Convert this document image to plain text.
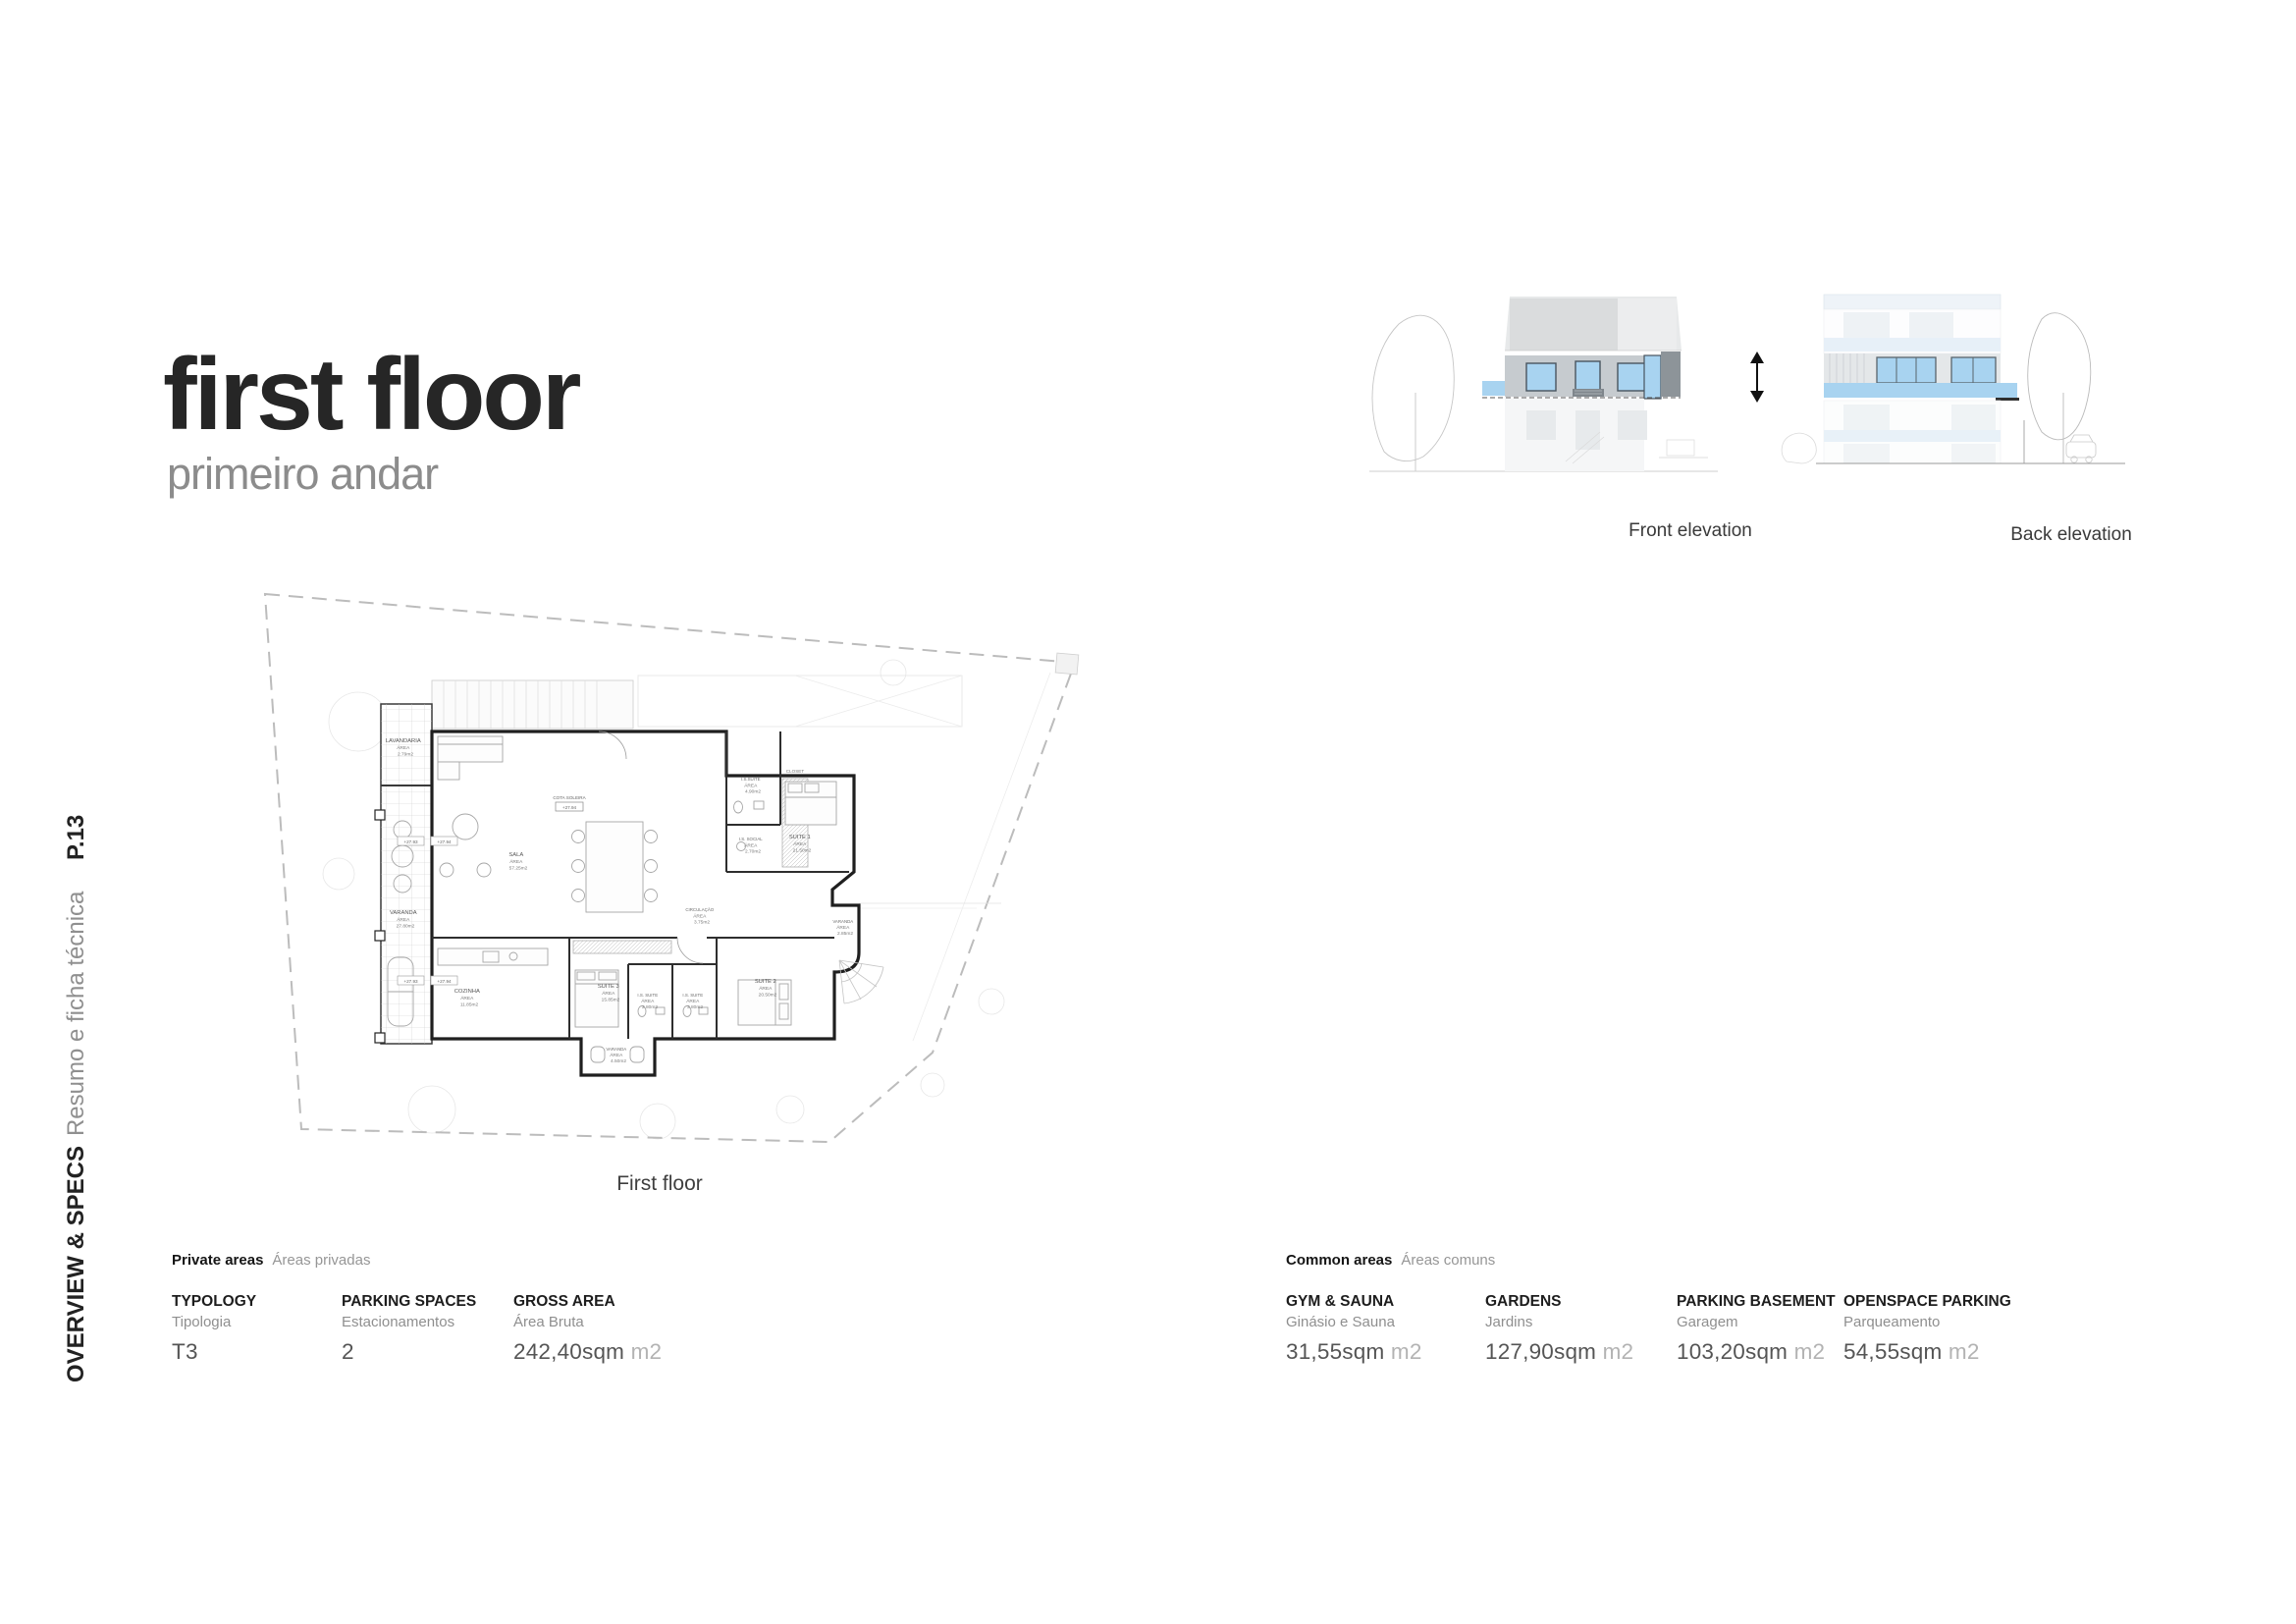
P.13
OVERVIEW & SPECSResumo e ficha técnica
first floor
primeiro andar
+27.93	+27.94
+27.93	+27.94
COTA SOLEIRA
+27.94
LAVANDARIA ÁREA 2.79m2
VARANDA ÁREA 27.80m2
SALA ÁREA 57.25m2
I.S.SUITE ÁREA 4.90m2
CLOSET
SUITE 1 ÁREA 21.50m2
I.S. SOCIAL ÁREA 2.70m2
CIRCULAÇÃO ÁREA 3.75m2	VARANDA ÁREA 2.85m2
COZINHA ÁREA 11.85m2
SUITE 3 ÁREA 15.85m2
I.S. SUITE ÁREA 2.80m2
I.S. SUITE ÁREA 3.80m2
SUITE 2 ÁREA 20.50m2
VARANDA ÁREA 4.50m2
First floor
Front elevation	Back elevation
Private areas Áreas privadas
TYPOLOGY
Tipologia
T3
PARKING SPACES
Estacionamentos
2
GROSS AREA
Área Bruta
242,40sqm m2
Common areas Áreas comuns
GYM & SAUNA
Ginásio e Sauna
31,55sqm m2
GARDENS
Jardins
127,90sqm m2
PARKING BASEMENT
Garagem
103,20sqm m2
OPENSPACE PARKING
Parqueamento
54,55sqm m2
